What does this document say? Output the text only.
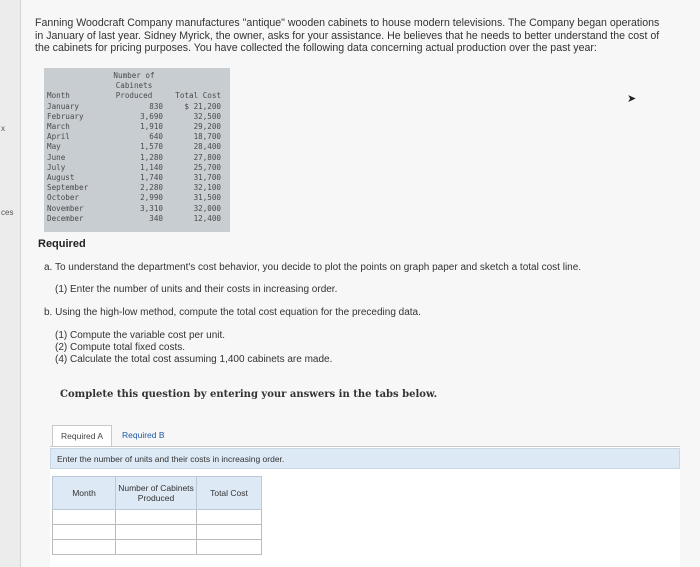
x
ces
Fanning Woodcraft Company manufactures "antique" wooden cabinets to house modern televisions. The Company began operations in January of last year. Sidney Myrick, the owner, asks for your assistance. He believes that he needs to better understand the cost of the cabinets for pricing purposes. You have collected the following data concerning actual production over the past year:
Month	Number of Cabinets Produced	Total Cost
January	830	$ 21,200
February	3,690	32,500
March	1,910	29,200
April	640	18,700
May	1,570	28,400
June	1,280	27,800
July	1,140	25,700
August	1,740	31,700
September	2,280	32,100
October	2,990	31,500
November	3,310	32,000
December	340	12,400
➤
Required
a. To understand the department's cost behavior, you decide to plot the points on graph paper and sketch a total cost line.
(1) Enter the number of units and their costs in increasing order.
b. Using the high-low method, compute the total cost equation for the preceding data.
(1) Compute the variable cost per unit.
(2) Compute total fixed costs.
(4) Calculate the total cost assuming 1,400 cabinets are made.
Complete this question by entering your answers in the tabs below.
Required A	Required B
Enter the number of units and their costs in increasing order.
Month	Number of Cabinets Produced	Total Cost
